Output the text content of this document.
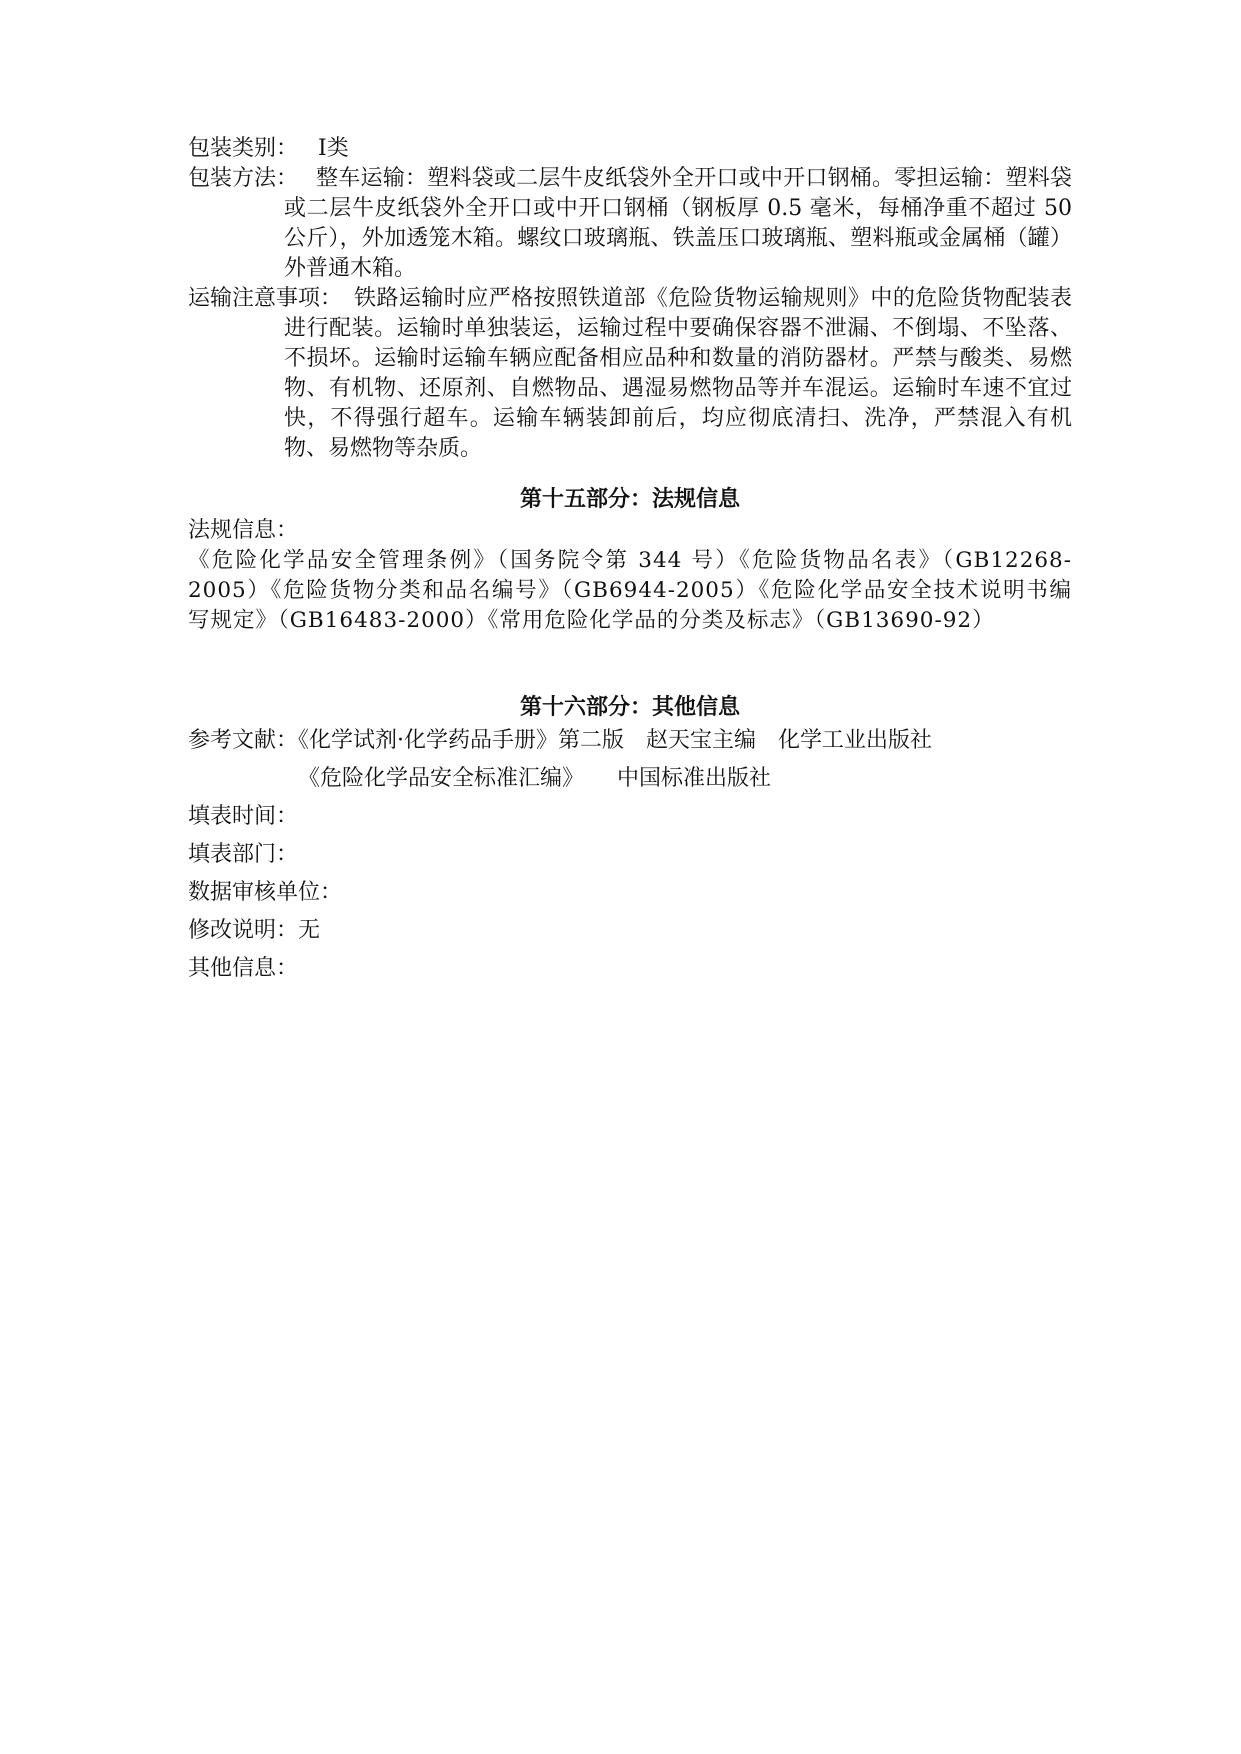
包装类别： Ⅰ类
包装方法： 整车运输：塑料袋或二层牛皮纸袋外全开口或中开口钢桶。零担运输：塑料袋或二层牛皮纸袋外全开口或中开口钢桶（钢板厚 0.5 毫米，每桶净重不超过 50 公斤），外加透笼木箱。螺纹口玻璃瓶、铁盖压口玻璃瓶、塑料瓶或金属桶（罐）外普通木箱。
运输注意事项： 铁路运输时应严格按照铁道部《危险货物运输规则》中的危险货物配装表进行配装。运输时单独装运，运输过程中要确保容器不泄漏、不倒塌、不坠落、不损坏。运输时运输车辆应配备相应品种和数量的消防器材。严禁与酸类、易燃物、有机物、还原剂、自燃物品、遇湿易燃物品等并车混运。运输时车速不宜过快，不得强行超车。运输车辆装卸前后，均应彻底清扫、洗净，严禁混入有机物、易燃物等杂质。
第十五部分：法规信息
法规信息：
《危险化学品安全管理条例》（国务院令第 344 号）《危险货物品名表》（GB12268-2005）《危险货物分类和品名编号》（GB6944-2005）《危险化学品安全技术说明书编写规定》（GB16483-2000）《常用危险化学品的分类及标志》（GB13690-92）
第十六部分：其他信息
参考文献：《化学试剂·化学药品手册》第二版　赵天宝主编　化学工业出版社
《危险化学品安全标准汇编》　　中国标准出版社
填表时间：
填表部门：
数据审核单位：
修改说明：无
其他信息：
